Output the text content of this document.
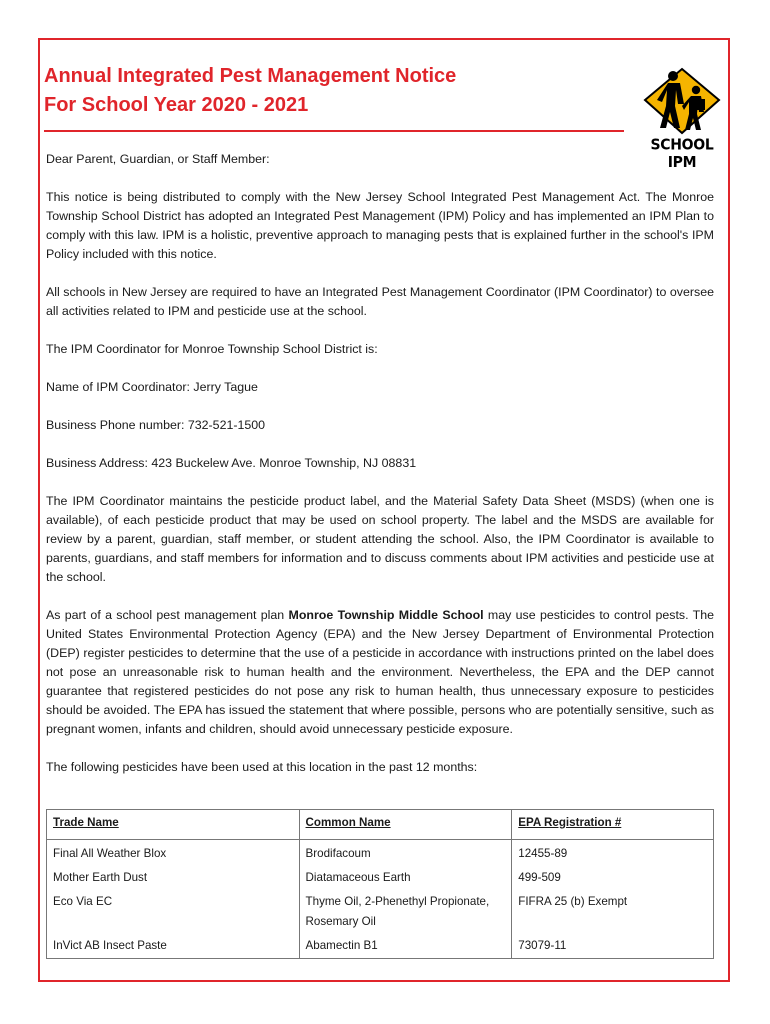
Annual Integrated Pest Management Notice
For School Year 2020 - 2021
SCHOOL IPM

Dear Parent, Guardian, or Staff Member:

This notice is being distributed to comply with the New Jersey School Integrated Pest Management Act. The Monroe Township School District has adopted an Integrated Pest Management (IPM) Policy and has implemented an IPM Plan to comply with this law. IPM is a holistic, preventive approach to managing pests that is explained further in the school's IPM Policy included with this notice.

All schools in New Jersey are required to have an Integrated Pest Management Coordinator (IPM Coordinator) to oversee all activities related to IPM and pesticide use at the school.

The IPM Coordinator for Monroe Township School District is:

Name of IPM Coordinator: Jerry Tague

Business Phone number: 732-521-1500

Business Address: 423 Buckelew Ave. Monroe Township, NJ 08831

The IPM Coordinator maintains the pesticide product label, and the Material Safety Data Sheet (MSDS) (when one is available), of each pesticide product that may be used on school property. The label and the MSDS are available for review by a parent, guardian, staff member, or student attending the school. Also, the IPM Coordinator is available to parents, guardians, and staff members for information and to discuss comments about IPM activities and pesticide use at the school.

As part of a school pest management plan Monroe Township Middle School may use pesticides to control pests. The United States Environmental Protection Agency (EPA) and the New Jersey Department of Environmental Protection (DEP) register pesticides to determine that the use of a pesticide in accordance with instructions printed on the label does not pose an unreasonable risk to human health and the environment. Nevertheless, the EPA and the DEP cannot guarantee that registered pesticides do not pose any risk to human health, thus unnecessary exposure to pesticides should be avoided. The EPA has issued the statement that where possible, persons who are potentially sensitive, such as pregnant women, infants and children, should avoid unnecessary pesticide exposure.

The following pesticides have been used at this location in the past 12 months:

Trade Name	Common Name	EPA Registration #
Final All Weather Blox	Brodifacoum	12455-89
Mother Earth Dust	Diatamaceous Earth	499-509
Eco Via EC	Thyme Oil, 2-Phenethyl Propionate, Rosemary Oil	FIFRA 25 (b) Exempt
InVict AB Insect Paste	Abamectin B1	73079-11
